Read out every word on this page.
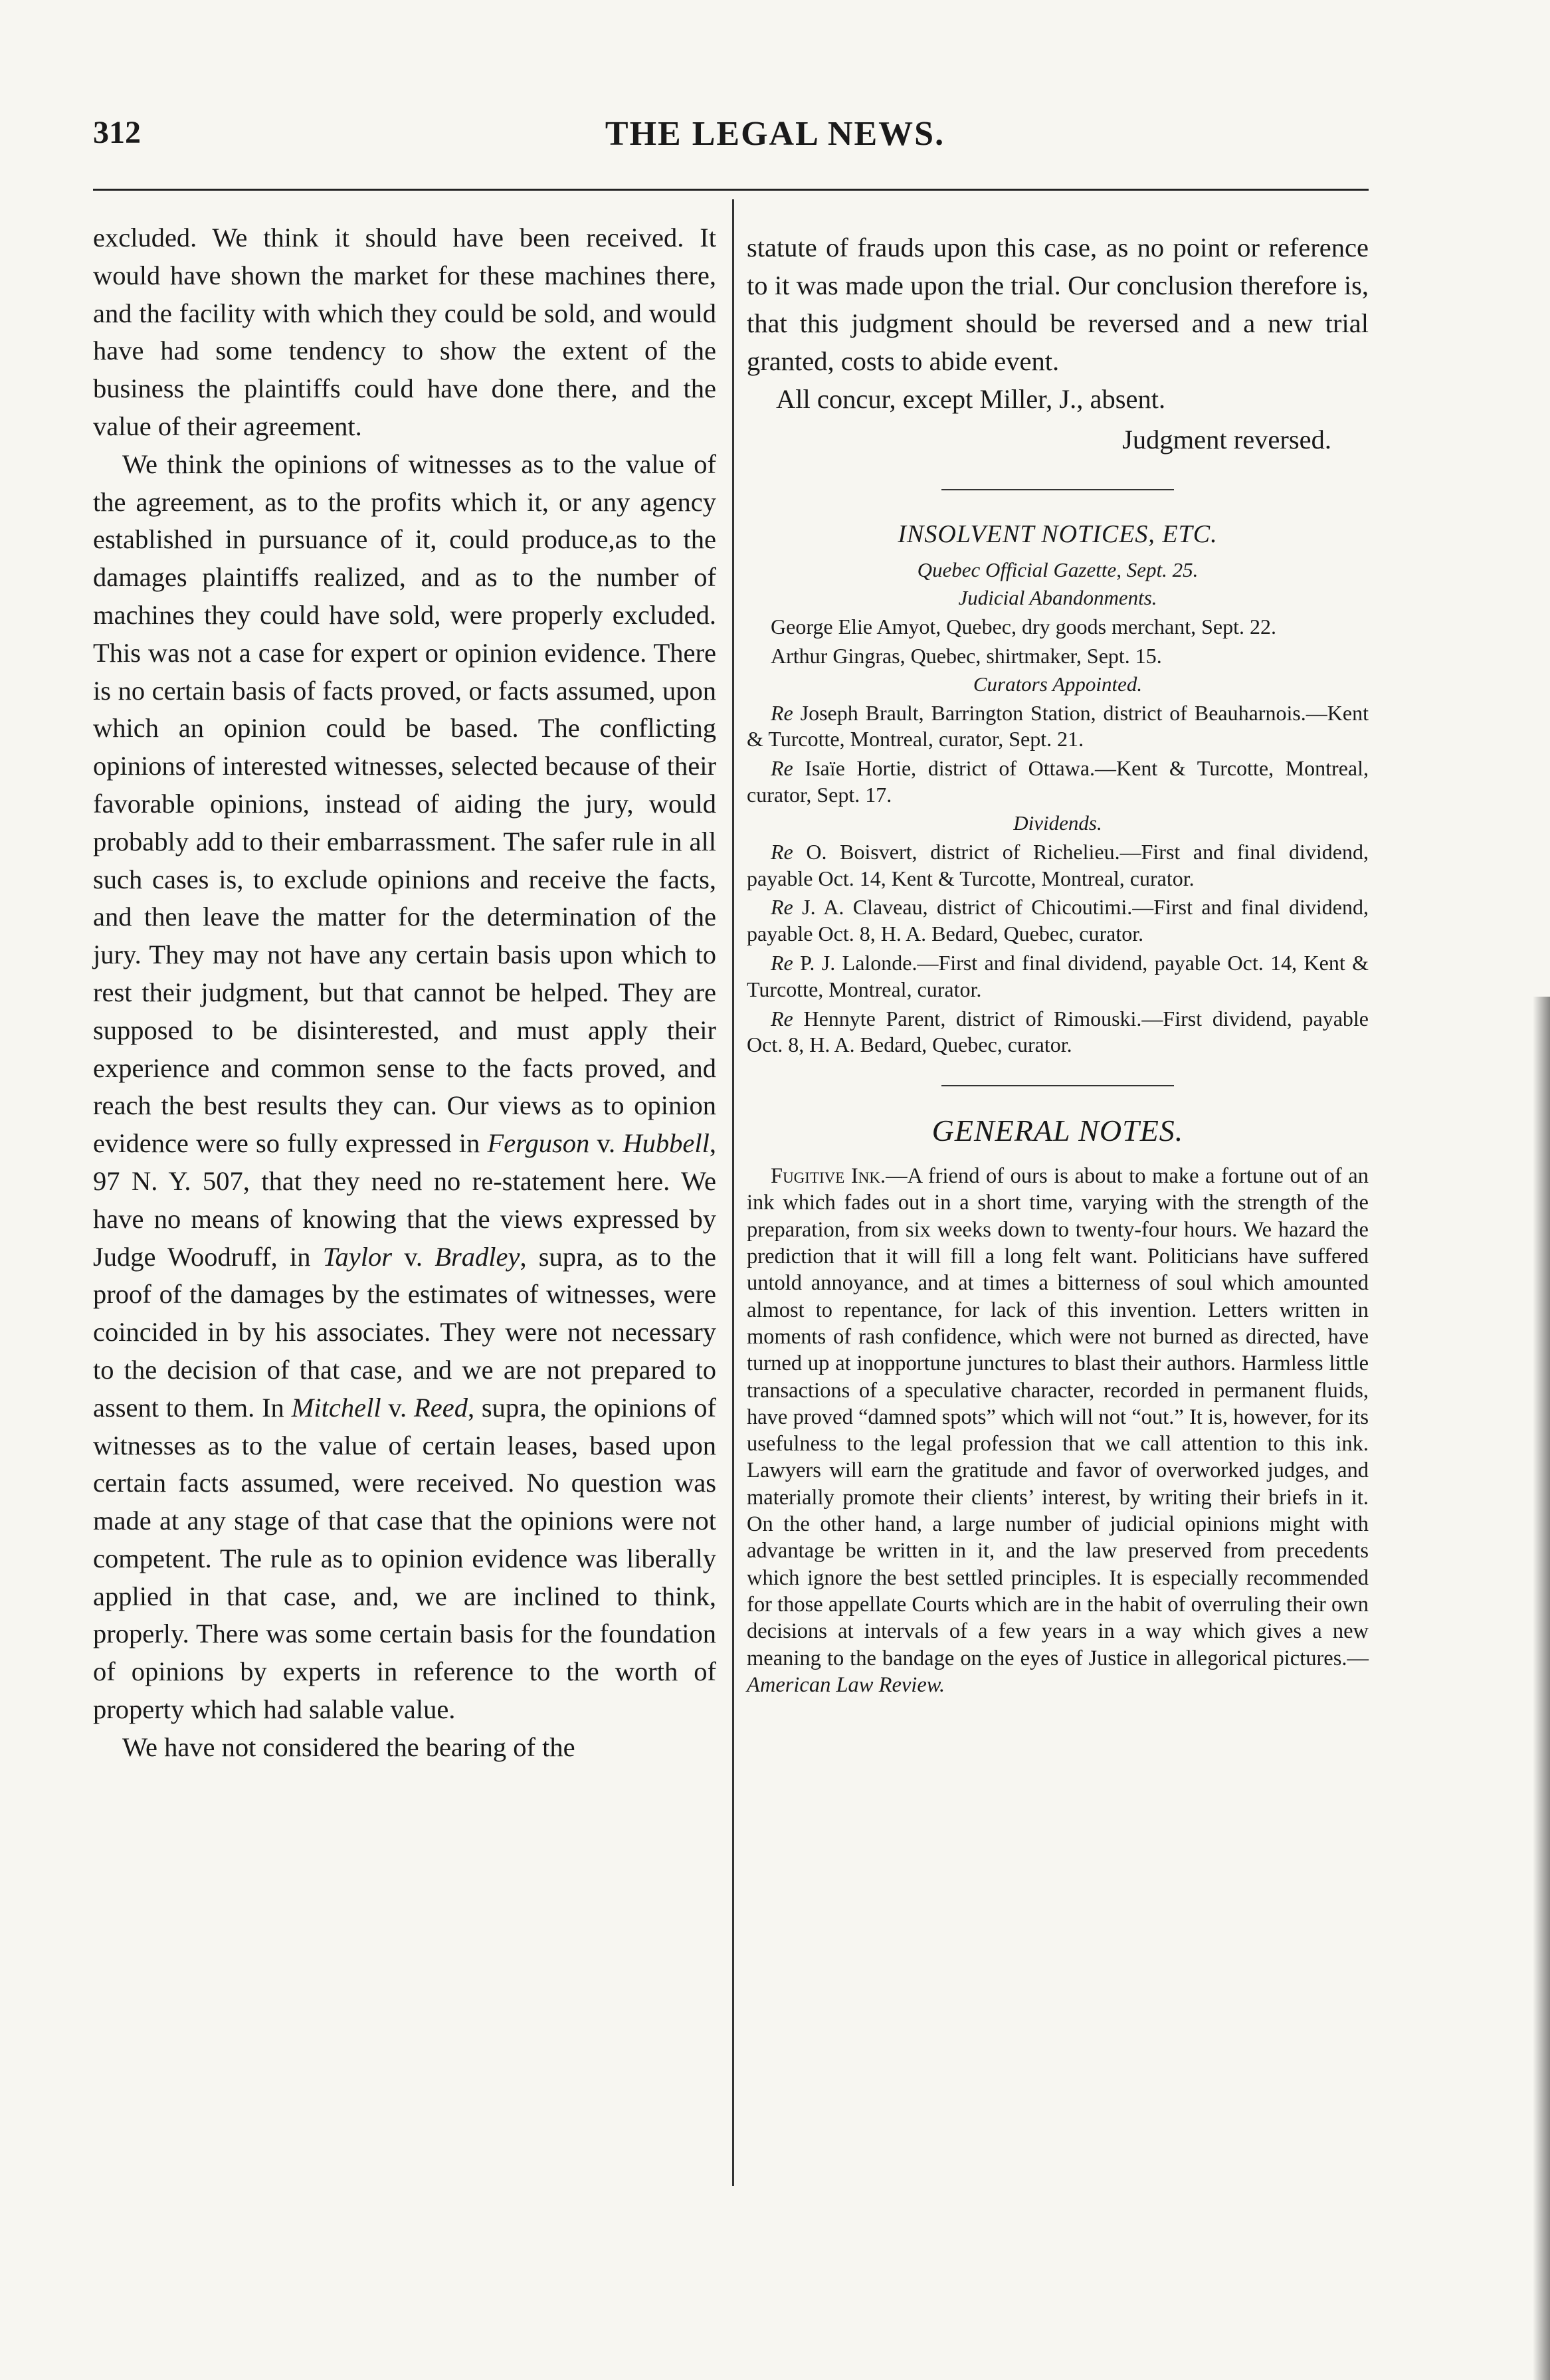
312	THE LEGAL NEWS.

excluded. We think it should have been received. It would have shown the market for these machines there, and the facility with which they could be sold, and would have had some tendency to show the extent of the business the plaintiffs could have done there, and the value of their agreement.

We think the opinions of witnesses as to the value of the agreement, as to the profits which it, or any agency established in pursuance of it, could produce,as to the damages plaintiffs realized, and as to the number of machines they could have sold, were properly excluded. This was not a case for expert or opinion evidence. There is no certain basis of facts proved, or facts assumed, upon which an opinion could be based. The conflicting opinions of interested witnesses, selected because of their favorable opinions, instead of aiding the jury, would probably add to their embarrassment. The safer rule in all such cases is, to exclude opinions and receive the facts, and then leave the matter for the determination of the jury. They may not have any certain basis upon which to rest their judgment, but that cannot be helped. They are supposed to be disinterested, and must apply their experience and common sense to the facts proved, and reach the best results they can. Our views as to opinion evidence were so fully expressed in Ferguson v. Hubbell, 97 N. Y. 507, that they need no re-statement here. We have no means of knowing that the views expressed by Judge Woodruff, in Taylor v. Bradley, supra, as to the proof of the damages by the estimates of witnesses, were coincided in by his associates. They were not necessary to the decision of that case, and we are not prepared to assent to them. In Mitchell v. Reed, supra, the opinions of witnesses as to the value of certain leases, based upon certain facts assumed, were received. No question was made at any stage of that case that the opinions were not competent. The rule as to opinion evidence was liberally applied in that case, and, we are inclined to think, properly. There was some certain basis for the foundation of opinions by experts in reference to the worth of property which had salable value.

We have not considered the bearing of the

statute of frauds upon this case, as no point or reference to it was made upon the trial. Our conclusion therefore is, that this judgment should be reversed and a new trial granted, costs to abide event.

All concur, except Miller, J., absent.

Judgment reversed.

INSOLVENT NOTICES, ETC.

Quebec Official Gazette, Sept. 25.

Judicial Abandonments.

George Elie Amyot, Quebec, dry goods merchant, Sept. 22.

Arthur Gingras, Quebec, shirtmaker, Sept. 15.

Curators Appointed.

Re Joseph Brault, Barrington Station, district of Beauharnois.—Kent & Turcotte, Montreal, curator, Sept. 21.

Re Isaïe Hortie, district of Ottawa.—Kent & Turcotte, Montreal, curator, Sept. 17.

Dividends.

Re O. Boisvert, district of Richelieu.—First and final dividend, payable Oct. 14, Kent & Turcotte, Montreal, curator.

Re J. A. Claveau, district of Chicoutimi.—First and final dividend, payable Oct. 8, H. A. Bedard, Quebec, curator.

Re P. J. Lalonde.—First and final dividend, payable Oct. 14, Kent & Turcotte, Montreal, curator.

Re Hennyte Parent, district of Rimouski.—First dividend, payable Oct. 8, H. A. Bedard, Quebec, curator.

GENERAL NOTES.

Fugitive Ink.—A friend of ours is about to make a fortune out of an ink which fades out in a short time, varying with the strength of the preparation, from six weeks down to twenty-four hours. We hazard the prediction that it will fill a long felt want. Politicians have suffered untold annoyance, and at times a bitterness of soul which amounted almost to repentance, for lack of this invention. Letters written in moments of rash confidence, which were not burned as directed, have turned up at inopportune junctures to blast their authors. Harmless little transactions of a speculative character, recorded in permanent fluids, have proved “damned spots” which will not “out.” It is, however, for its usefulness to the legal profession that we call attention to this ink. Lawyers will earn the gratitude and favor of overworked judges, and materially promote their clients’ interest, by writing their briefs in it. On the other hand, a large number of judicial opinions might with advantage be written in it, and the law preserved from precedents which ignore the best settled principles. It is especially recommended for those appellate Courts which are in the habit of overruling their own decisions at intervals of a few years in a way which gives a new meaning to the bandage on the eyes of Justice in allegorical pictures.—American Law Review.
